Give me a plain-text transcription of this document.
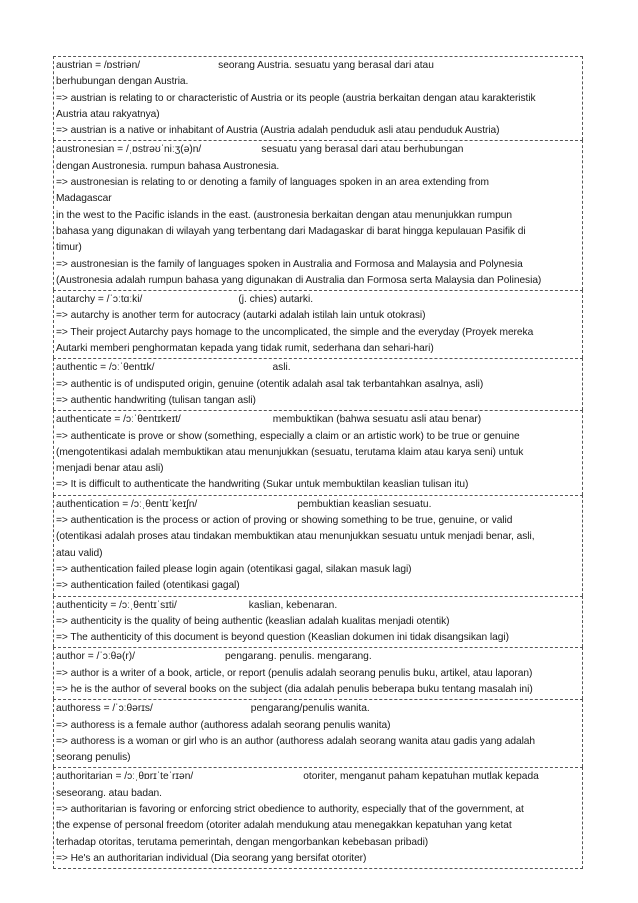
austrian = /ɒstriən/	seorang Austria. sesuatu yang berasal dari atau
berhubungan dengan Austria.
=> austrian is relating to or characteristic of Austria or its people (austria berkaitan dengan atau karakteristik
Austria atau rakyatnya)
=> austrian is a native or inhabitant of Austria (Austria adalah penduduk asli atau penduduk Austria)
austronesian = /ˌɒstrəʊˈniːʒ(ə)n/	sesuatu yang berasal dari atau berhubungan
dengan Austronesia. rumpun bahasa Austronesia.
=> austronesian is relating to or denoting a family of languages spoken in an area extending from
Madagascar
in the west to the Pacific islands in the east. (austronesia berkaitan dengan atau menunjukkan rumpun
bahasa yang digunakan di wilayah yang terbentang dari Madagaskar di barat hingga kepulauan Pasifik di
timur)
=> austronesian is the family of languages spoken in Australia and Formosa and Malaysia and Polynesia
(Austronesia adalah rumpun bahasa yang digunakan di Australia dan Formosa serta Malaysia dan Polinesia)
autarchy = /ˈɔːtɑːki/	(j. chies) autarki.
=> autarchy is another term for autocracy (autarki adalah istilah lain untuk otokrasi)
=> Their project Autarchy pays homage to the uncomplicated, the simple and the everyday (Proyek mereka
Autarki memberi penghormatan kepada yang tidak rumit, sederhana dan sehari-hari)
authentic = /ɔːˈθentɪk/	asli.
=> authentic is of undisputed origin, genuine (otentik adalah asal tak terbantahkan asalnya, asli)
=> authentic handwriting (tulisan tangan asli)
authenticate = /ɔːˈθentɪkeɪt/	membuktikan (bahwa sesuatu asli atau benar)
=> authenticate is prove or show (something, especially a claim or an artistic work) to be true or genuine
(mengotentikasi adalah membuktikan atau menunjukkan (sesuatu, terutama klaim atau karya seni) untuk
menjadi benar atau asli)
=> It is difficult to authenticate the handwriting (Sukar untuk membuktilan keaslian tulisan itu)
authentication = /ɔːˌθentɪˈkeɪʃn/	pembuktian keaslian sesuatu.
=> authentication is the process or action of proving or showing something to be true, genuine, or valid
(otentikasi adalah proses atau tindakan membuktikan atau menunjukkan sesuatu untuk menjadi benar, asli,
atau valid)
=> authentication failed please login again (otentikasi gagal, silakan masuk lagi)
=> authentication failed (otentikasi gagal)
authenticity = /ɔːˌθentɪˈsɪti/	kaslian, kebenaran.
=> authenticity is the quality of being authentic (keaslian adalah kualitas menjadi otentik)
=> The authenticity of this document is beyond question (Keaslian dokumen ini tidak disangsikan lagi)
author = /ˈɔːθə(r)/	pengarang. penulis. mengarang.
=> author is a writer of a book, article, or report (penulis adalah seorang penulis buku, artikel, atau laporan)
=> he is the author of several books on the subject (dia adalah penulis beberapa buku tentang masalah ini)
authoress = /ˈɔːθərɪs/	pengarang/penulis wanita.
=> authoress is a female author (authoress adalah seorang penulis wanita)
=> authoress is a woman or girl who is an author (authoress adalah seorang wanita atau gadis yang adalah
seorang penulis)
authoritarian = /ɔːˌθɒrɪˈteˈrɪən/	otoriter, menganut paham kepatuhan mutlak kepada
seseorang. atau badan.
=> authoritarian is favoring or enforcing strict obedience to authority, especially that of the government, at
the expense of personal freedom (otoriter adalah mendukung atau menegakkan kepatuhan yang ketat
terhadap otoritas, terutama pemerintah, dengan mengorbankan kebebasan pribadi)
=> He's an authoritarian individual (Dia seorang yang bersifat otoriter)
